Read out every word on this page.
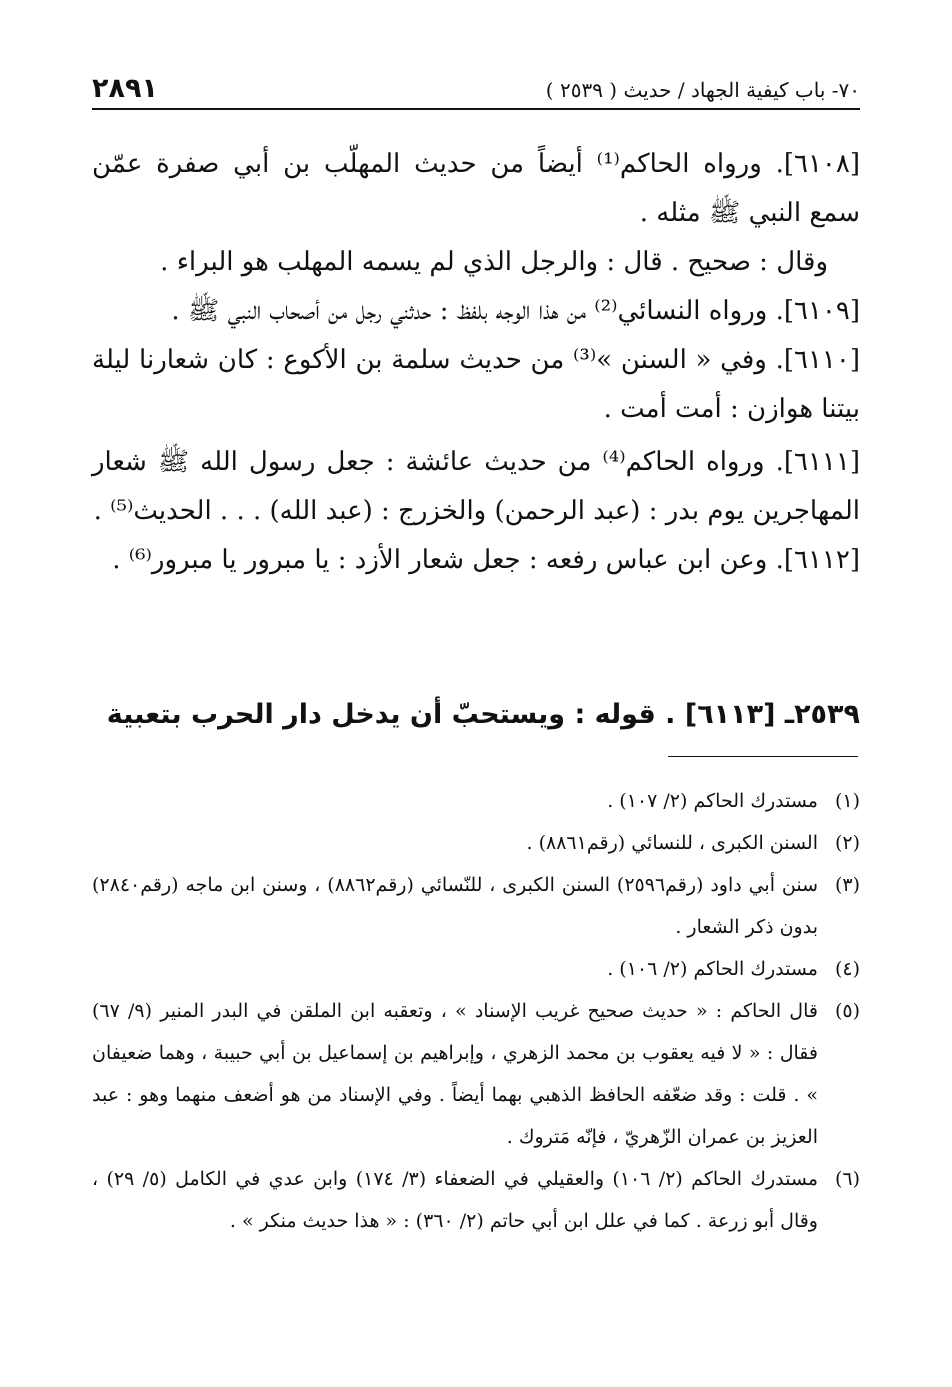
٢٨٩١	٧٠- باب كيفية الجهاد / حديث ( ٢٥٣٩ )

[٦١٠٨]. ورواه الحاكم⁽¹⁾ أيضاً من حديث المهلّب بن أبي صفرة عمّن سمع النبي ﷺ مثله .

وقال : صحيح . قال : والرجل الذي لم يسمه المهلب هو البراء .

[٦١٠٩]. ورواه النسائي⁽²⁾ من هذا الوجه بلفظ : حدثني رجل من أصحاب النبي ﷺ .

[٦١١٠]. وفي « السنن »⁽³⁾ من حديث سلمة بن الأكوع : كان شعارنا ليلة بيتنا هوازن : أمت أمت .

[٦١١١]. ورواه الحاكم⁽⁴⁾ من حديث عائشة : جعل رسول الله ﷺ شعار المهاجرين يوم بدر : (عبد الرحمن) والخزرج : (عبد الله) . . . الحديث⁽⁵⁾ .

[٦١١٢]. وعن ابن عباس رفعه : جعل شعار الأزد : يا مبرور يا مبرور⁽⁶⁾ .

٢٥٣٩ـ [٦١١٣] . قوله : ويستحبّ أن يدخل دار الحرب بتعبية
(١)
مستدرك الحاكم (٢/ ١٠٧) .
(٢)
السنن الكبرى ، للنسائي (رقم٨٨٦١) .
(٣)
سنن أبي داود (رقم٢٥٩٦) السنن الكبرى ، للنّسائي (رقم٨٨٦٢) ، وسنن ابن ماجه (رقم٢٨٤٠) بدون ذكر الشعار .
(٤)
مستدرك الحاكم (٢/ ١٠٦) .
(٥)
قال الحاكم : « حديث صحيح غريب الإسناد » ، وتعقبه ابن الملقن في البدر المنير (٩/ ٦٧) فقال : « لا فيه يعقوب بن محمد الزهري ، وإبراهيم بن إسماعيل بن أبي حبيبة ، وهما ضعيفان » . قلت : وقد ضعّفه الحافظ الذهبي بهما أيضاً . وفي الإسناد من هو أضعف منهما وهو : عبد العزيز بن عمران الزّهريّ ، فإنّه مَتروك .
(٦)
مستدرك الحاكم (٢/ ١٠٦) والعقيلي في الضعفاء (٣/ ١٧٤) وابن عدي في الكامل (٥/ ٢٩) ، وقال أبو زرعة . كما في علل ابن أبي حاتم (٢/ ٣٦٠) : « هذا حديث منكر » .
